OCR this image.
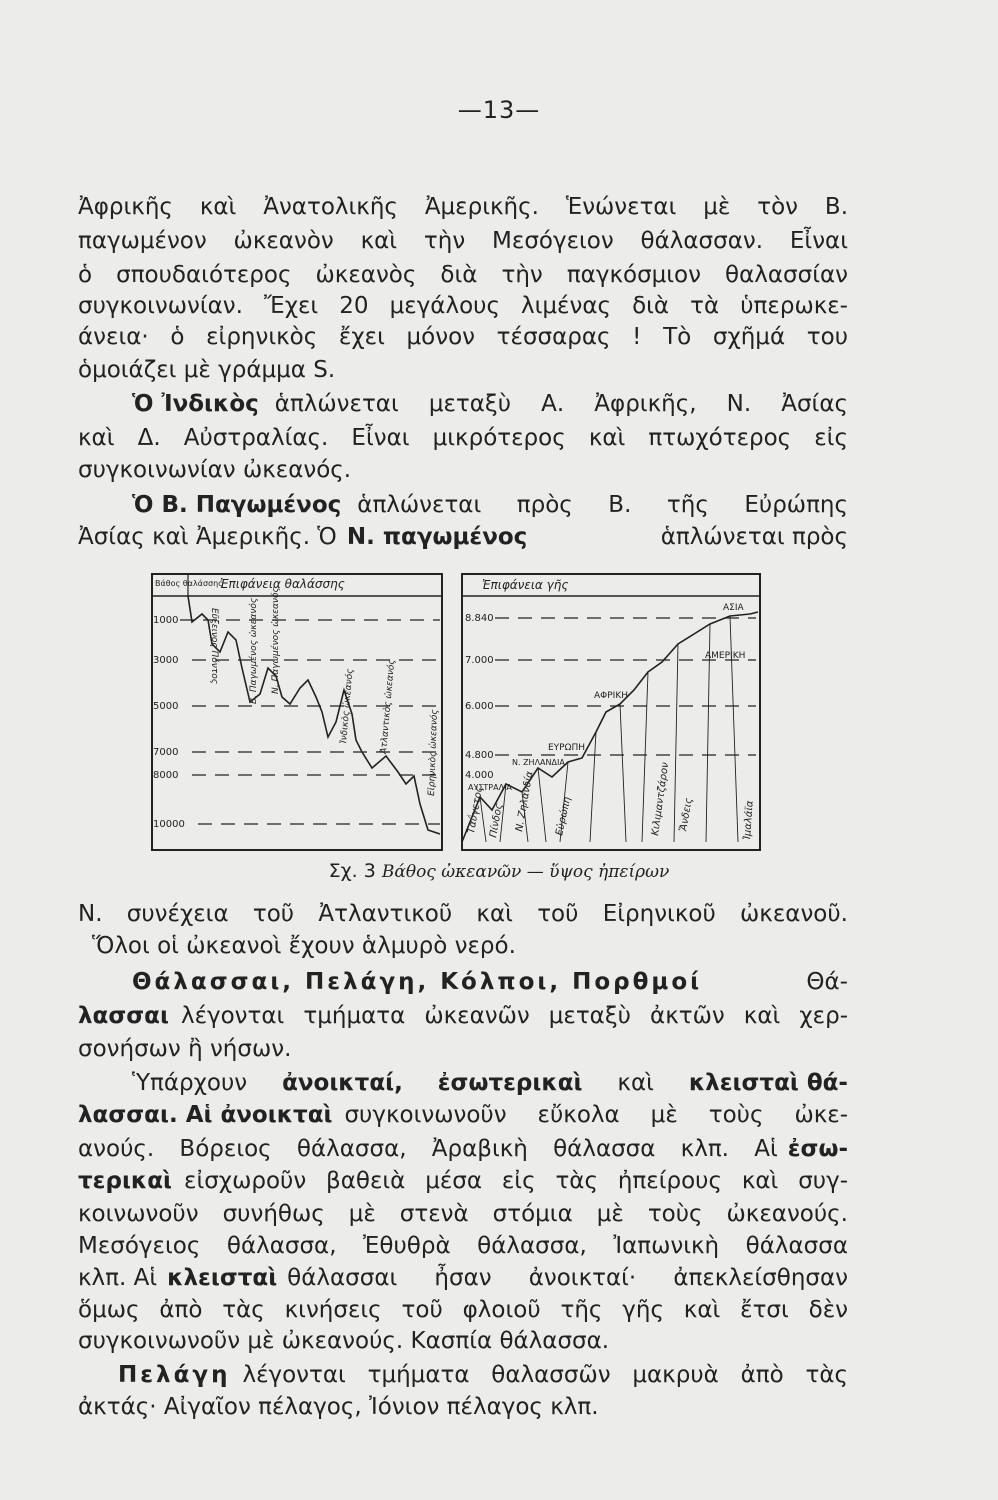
—13—
Ἀφρικῆς καὶ Ἀνατολικῆς Ἀμερικῆς. Ἑνώνεται μὲ τὸν Β.
παγωμένον ὠκεανὸν καὶ τὴν Μεσόγειον θάλασσαν. Εἶναι
ὁ σπουδαιότερος ὠκεανὸς διὰ τὴν παγκόσμιον θαλασσίαν
συγκοινωνίαν. Ἔχει 20 μεγάλους λιμένας διὰ τὰ ὑπερωκε-
άνεια· ὁ εἰρηνικὸς ἔχει μόνον τέσσαρας ! Τὸ σχῆμά του
ὁμοιάζει μὲ γράμμα S.
Ὁ Ἰνδικὸς ἁπλώνεται μεταξὺ Α. Ἀφρικῆς, Ν. Ἀσίας
καὶ Δ. Αὐστραλίας. Εἶναι μικρότερος καὶ πτωχότερος εἰς
συγκοινωνίαν ὠκεανός.
Ὁ Β. Παγωμένος ἁπλώνεται πρὸς Β. τῆς Εὐρώπης
Ἀσίας καὶ Ἀμερικῆς. Ὁ Ν. παγωμένος	ἁπλώνεται πρὸς
Βάθος θαλάσσης
Ἐπιφάνεια θαλάσσης
1000
3000
5000
7000
8000
10000
Εὔξεινος Πόντος	Β. Παγωμένος ὠκεανός Ν. Παγωμένος ὠκεανός
Ἰνδικὸς ὠκεανός	Ἀτλαντικὸς ὠκεανός	Εἰρηνικὸς ὠκεανός
Ἐπιφάνεια γῆς
8.840
7.000
6.000
4.800
4.000
ΑΣΙΑ
ΑΜΕΡΙΚΗ
ΑΦΡΙΚΗ
ΕΥΡΩΠΗ
Ν. ΖΗΛΑΝΔΙΑ
ΑΥΣΤΡΑΛΙΑ
Ταΰγετος Πίνδος Ν. Ζηλανδία Εὐρώπη	Κιλιμαντζάρον Ἄνδεις	Ἰμαλάϊα
Σχ. 3 Βάθος ὠκεανῶν — ὕψος ἠπείρων
Ν. συνέχεια τοῦ Ἀτλαντικοῦ καὶ τοῦ Εἰρηνικοῦ ὠκεανοῦ.
Ὅλοι οἱ ὠκεανοὶ ἔχουν ἁλμυρὸ νερό.
Θάλασσαι, Πελάγη, Κόλποι, Πορθμοί	Θά-
λασσαι λέγονται τμήματα ὠκεανῶν μεταξὺ ἀκτῶν καὶ χερ-
σονήσων ἢ νήσων.
Ὑπάρχουν ἀνοικταί, ἐσωτερικαὶ καὶ κλεισταὶ θά-
λασσαι. Αἱ ἀνοικταὶ συγκοινωνοῦν εὔκολα μὲ τοὺς ὠκε-
ανούς. Βόρειος θάλασσα, Ἀραβικὴ θάλασσα κλπ. Αἱ ἐσω-
τερικαὶ εἰσχωροῦν βαθειὰ μέσα εἰς τὰς ἠπείρους καὶ συγ-
κοινωνοῦν συνήθως μὲ στενὰ στόμια μὲ τοὺς ὠκεανούς.
Μεσόγειος θάλασσα, Ἐθυθρὰ θάλασσα, Ἰαπωνικὴ θάλασσα
κλπ. Αἱ κλεισταὶ θάλασσαι ἦσαν ἀνοικταί· ἀπεκλείσθησαν
ὅμως ἀπὸ τὰς κινήσεις τοῦ φλοιοῦ τῆς γῆς καὶ ἔτσι δὲν
συγκοινωνοῦν μὲ ὠκεανούς. Κασπία θάλασσα.
Πελάγη λέγονται τμήματα θαλασσῶν μακρυὰ ἀπὸ τὰς
ἀκτάς· Αἰγαῖον πέλαγος, Ἰόνιον πέλαγος κλπ.
